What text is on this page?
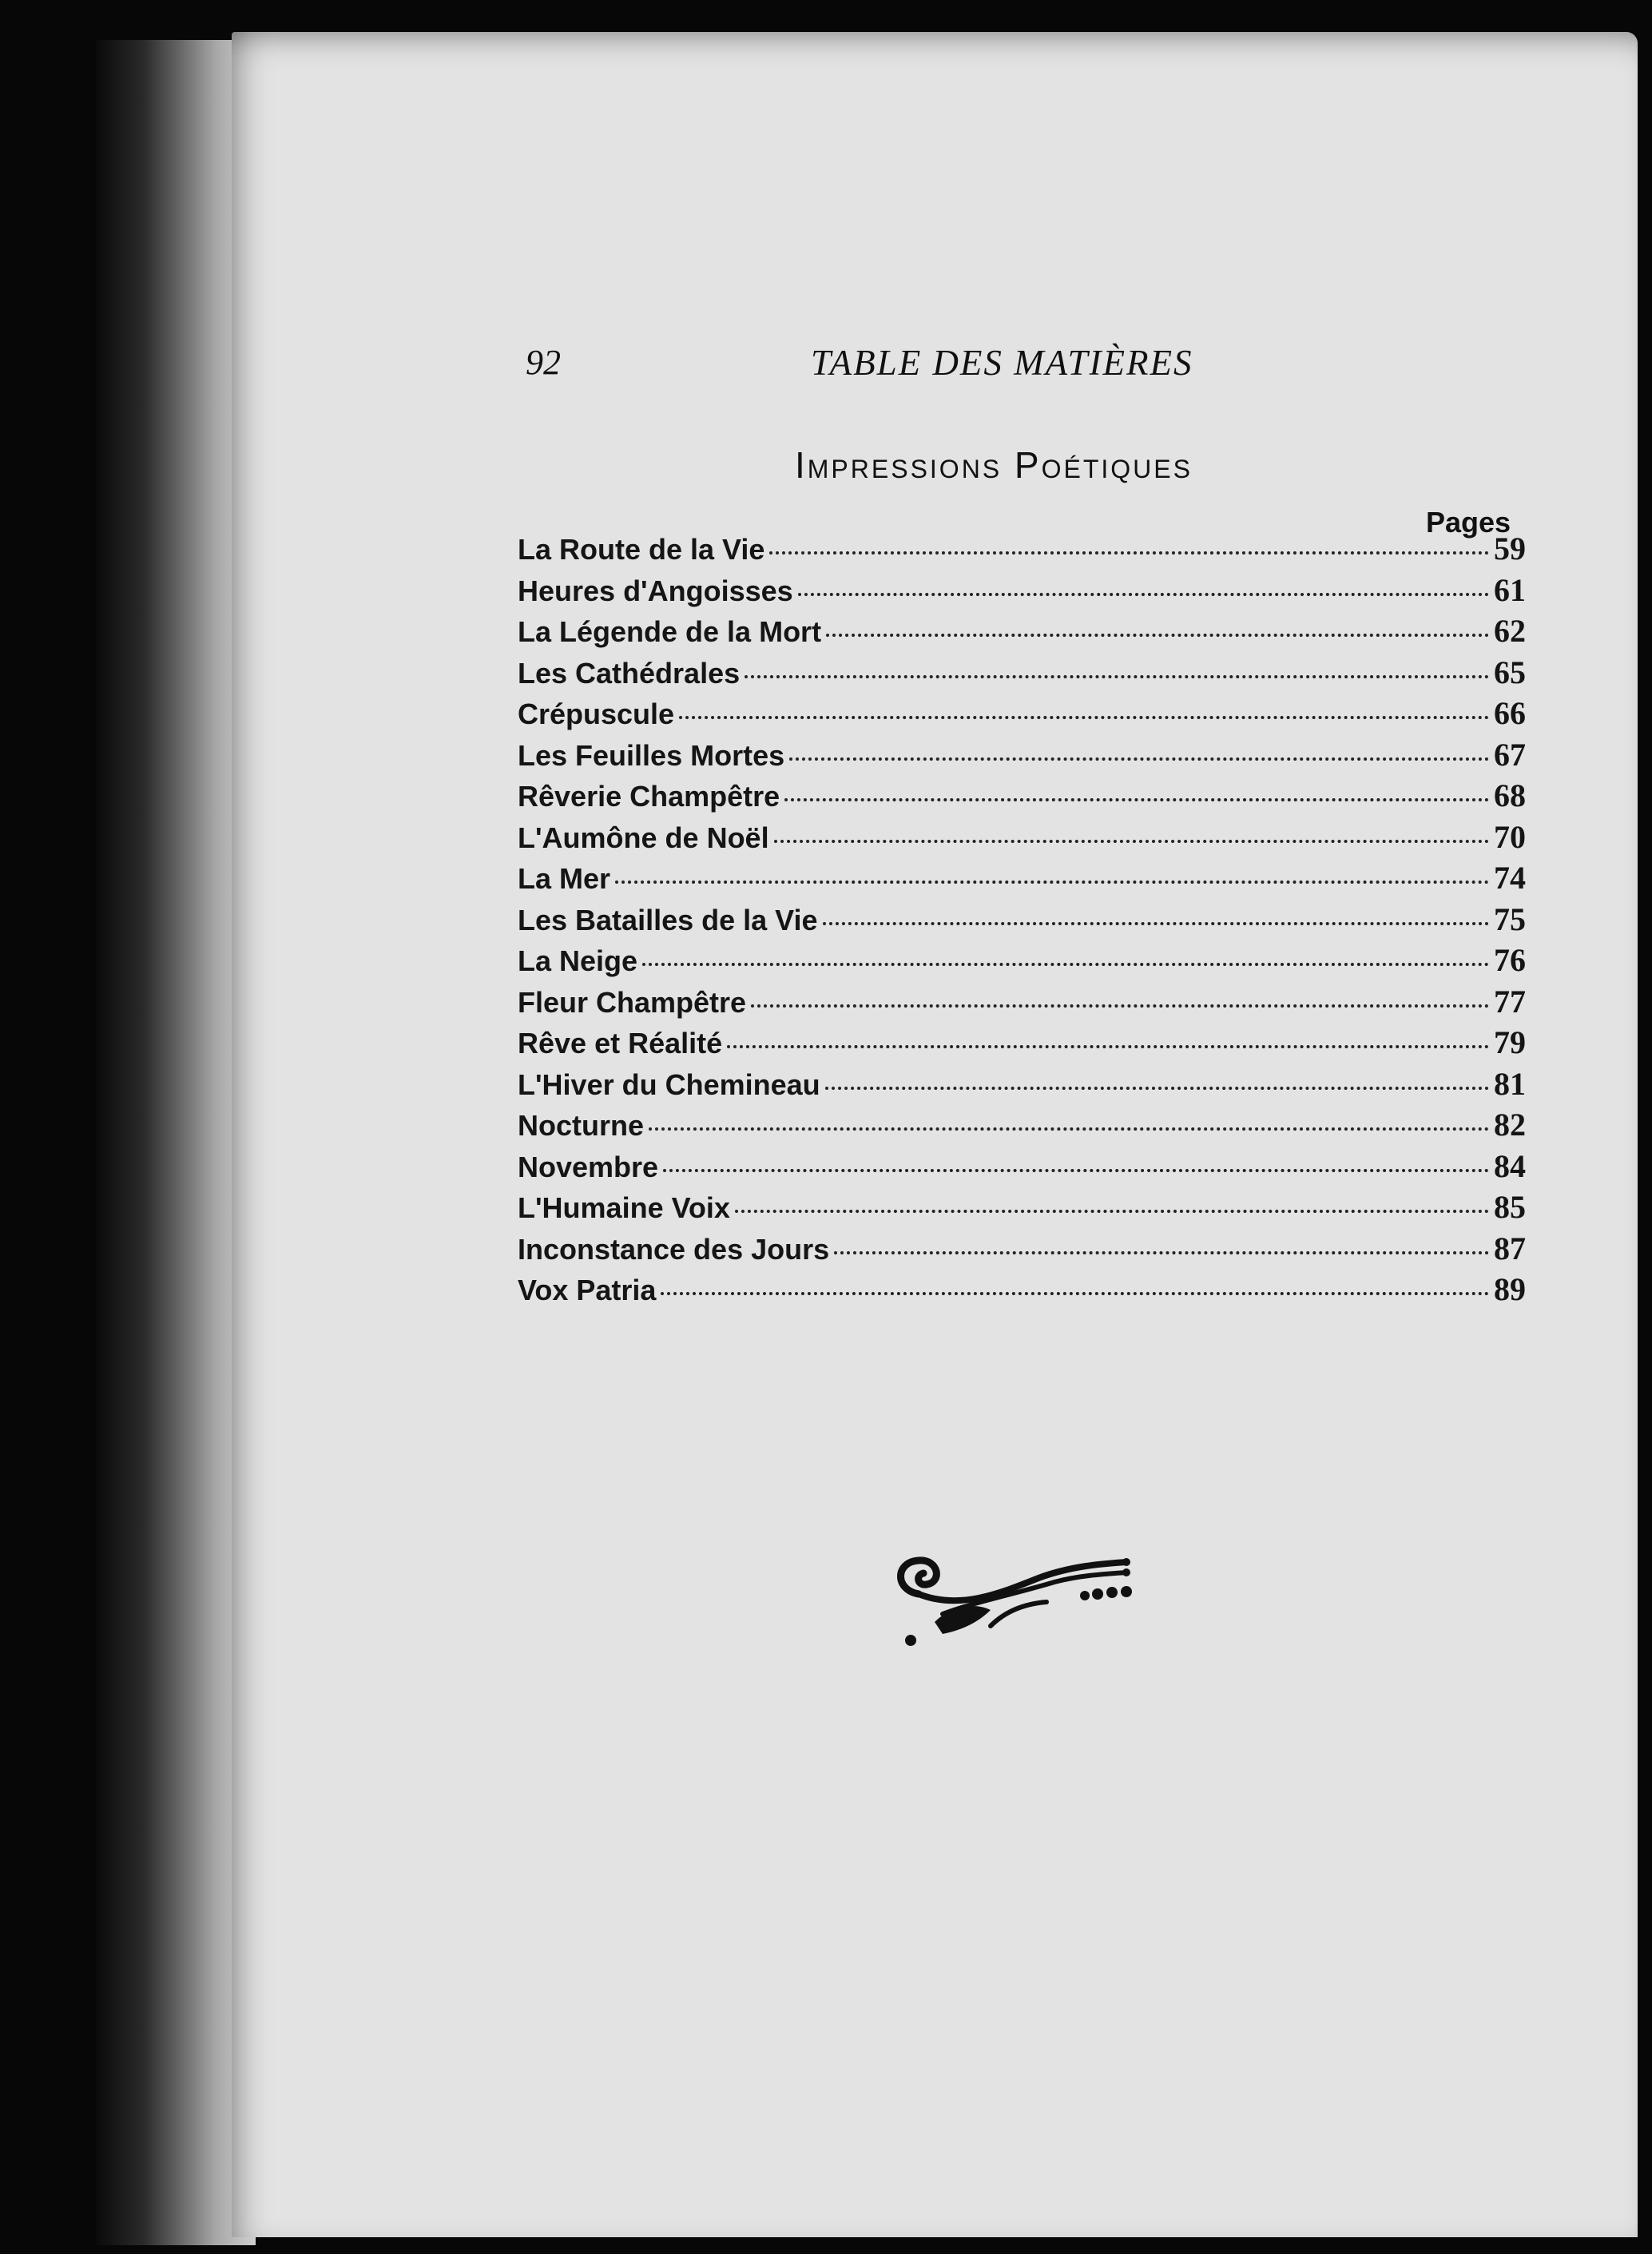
92	TABLE DES MATIÈRES
Impressions Poétiques
Pages
La Route de la Vie	59
Heures d'Angoisses	61
La Légende de la Mort	62
Les Cathédrales	65
Crépuscule	66
Les Feuilles Mortes	67
Rêverie Champêtre	68
L'Aumône de Noël	70
La Mer	74
Les Batailles de la Vie	75
La Neige	76
Fleur Champêtre	77
Rêve et Réalité	79
L'Hiver du Chemineau	81
Nocturne	82
Novembre	84
L'Humaine Voix	85
Inconstance des Jours	87
Vox Patria	89
